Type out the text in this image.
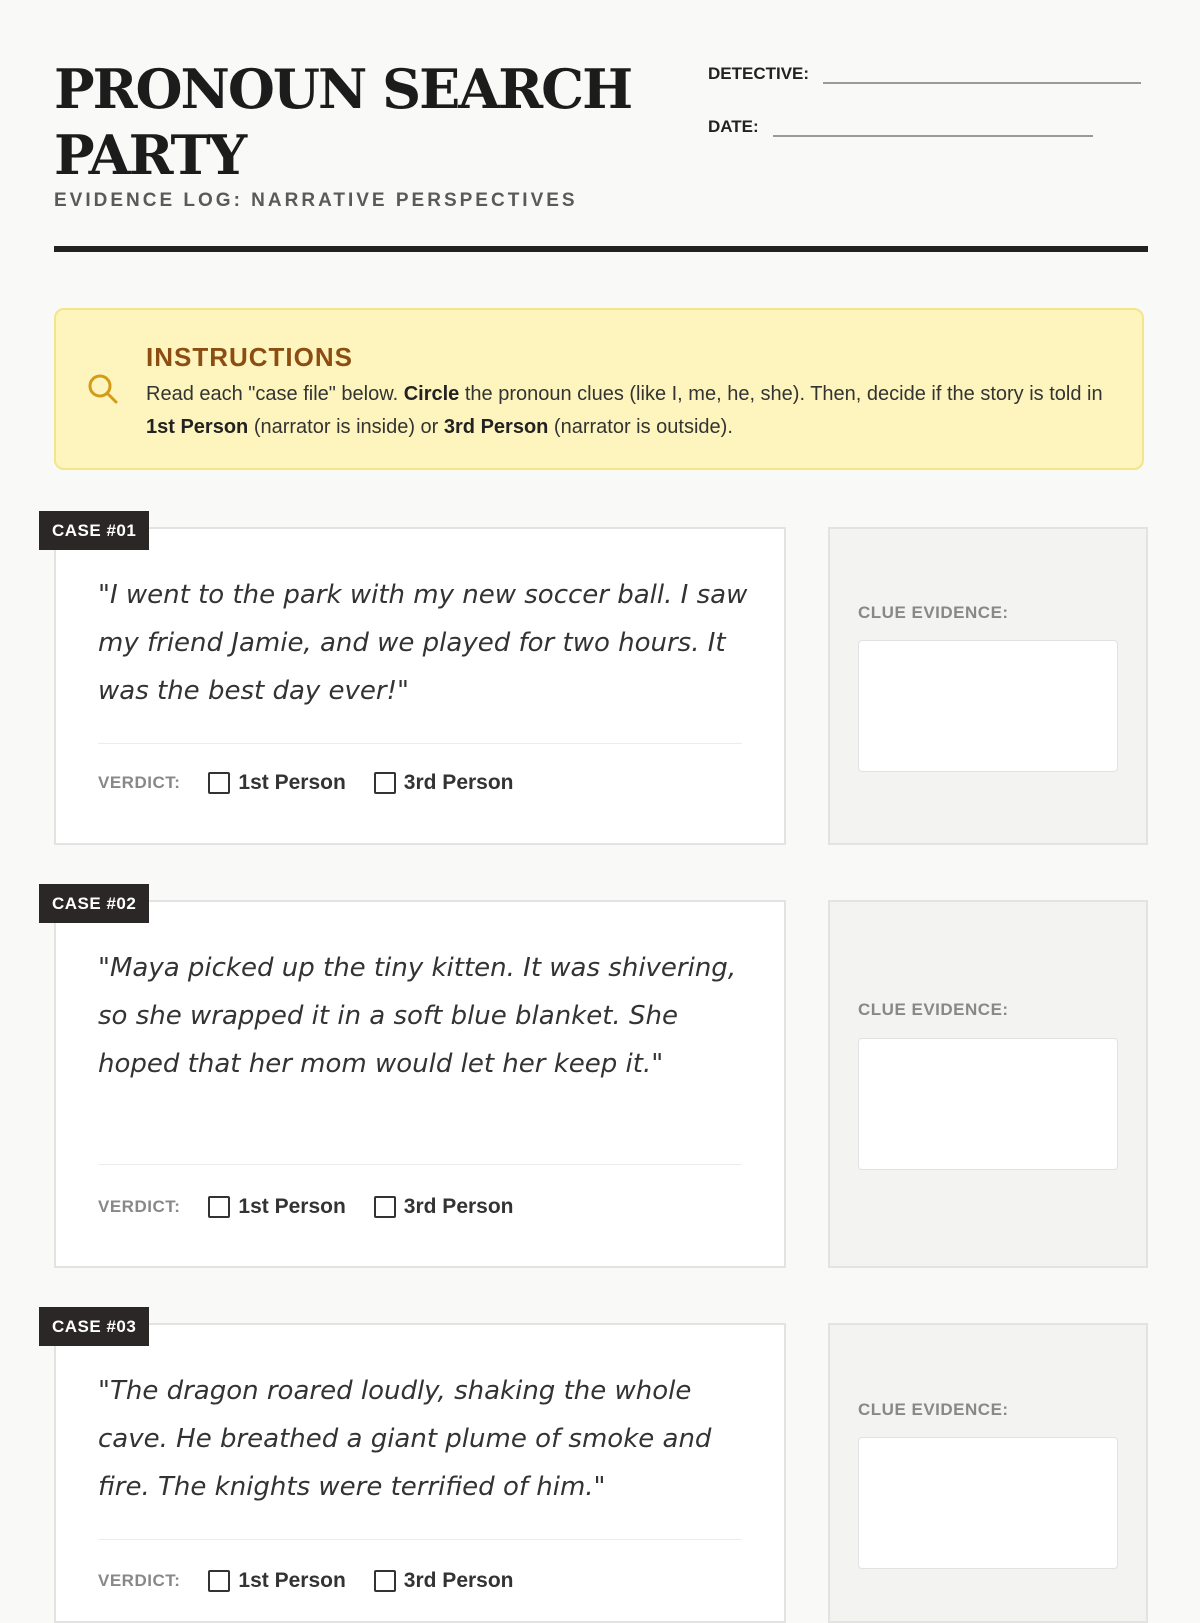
PRONOUN SEARCH PARTY
EVIDENCE LOG: NARRATIVE PERSPECTIVES
DETECTIVE:
DATE:
INSTRUCTIONS
Read each "case file" below. Circle the pronoun clues (like I, me, he, she). Then, decide if the story is told in 1st Person (narrator is inside) or 3rd Person (narrator is outside).
CASE #01

"I went to the park with my new soccer ball. I saw my friend Jamie, and we played for two hours. It was the best day ever!"

VERDICT:	1st Person	3rd Person
CLUE EVIDENCE:
CASE #02

"Maya picked up the tiny kitten. It was shivering, so she wrapped it in a soft blue blanket. She hoped that her mom would let her keep it."

VERDICT:	1st Person	3rd Person
CLUE EVIDENCE:
CASE #03

"The dragon roared loudly, shaking the whole cave. He breathed a giant plume of smoke and fire. The knights were terrified of him."

VERDICT:	1st Person	3rd Person
CLUE EVIDENCE:
